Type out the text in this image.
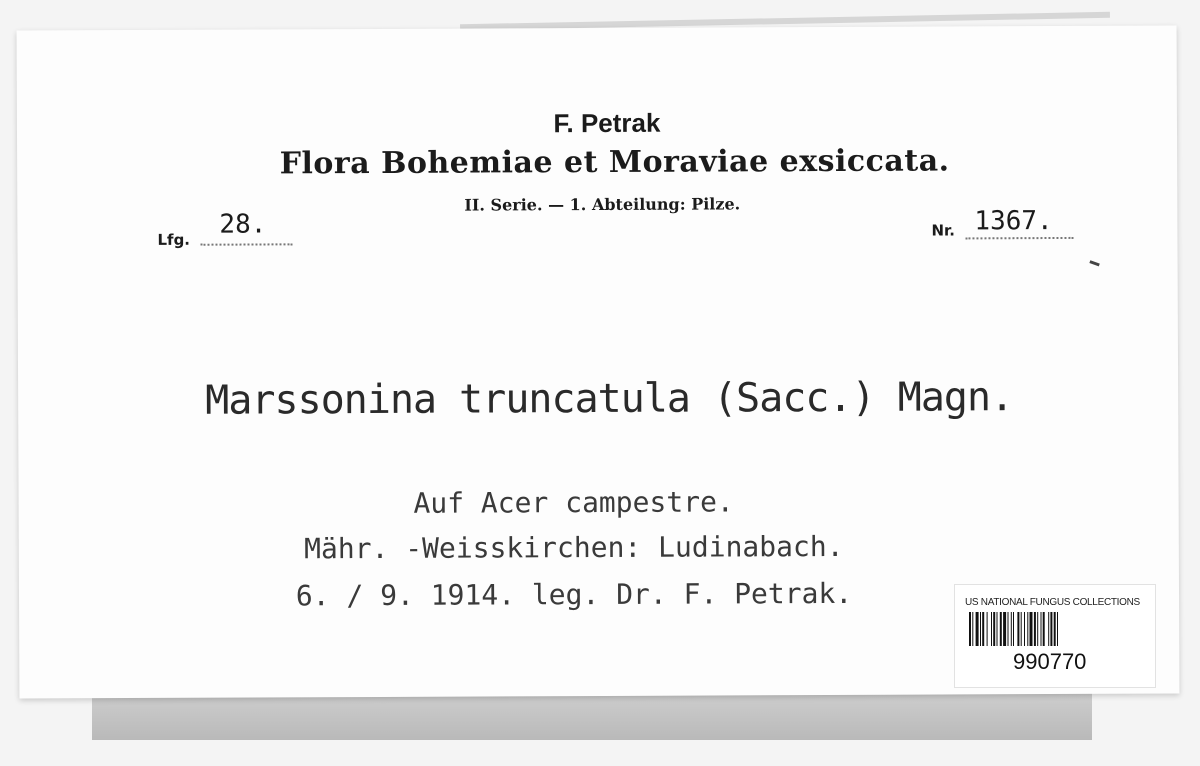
F. Petrak
Flora Bohemiae et Moraviae exsiccata.
II. Serie. — 1. Abteilung: Pilze.
Lfg.
28.	Nr. 1367.
Marssonina truncatula (Sacc.) Magn.
Auf Acer campestre.
Mähr. -Weisskirchen: Ludinabach.
6. / 9. 1914. leg. Dr. F. Petrak.	US NATIONAL FUNGUS COLLECTIONS
990770
